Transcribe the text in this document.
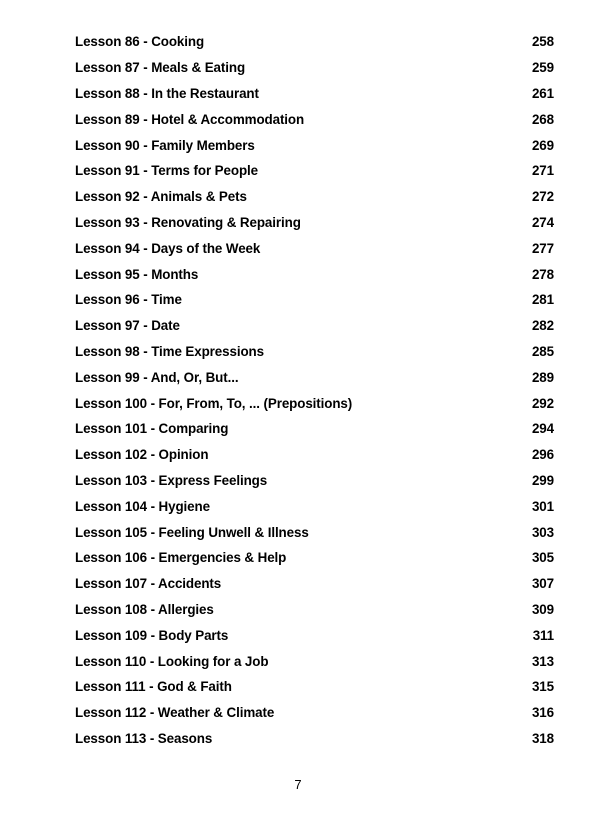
Lesson 86 - Cooking	258
Lesson 87 - Meals & Eating	259
Lesson 88 - In the Restaurant	261
Lesson 89 - Hotel & Accommodation	268
Lesson 90 - Family Members	269
Lesson 91 - Terms for People	271
Lesson 92 - Animals & Pets	272
Lesson 93 - Renovating & Repairing	274
Lesson 94 - Days of the Week	277
Lesson 95 - Months	278
Lesson 96 - Time	281
Lesson 97 - Date	282
Lesson 98 - Time Expressions	285
Lesson 99 - And, Or, But...	289
Lesson 100 - For, From, To, ... (Prepositions)	292
Lesson 101 - Comparing	294
Lesson 102 - Opinion	296
Lesson 103 - Express Feelings	299
Lesson 104 - Hygiene	301
Lesson 105 - Feeling Unwell & Illness	303
Lesson 106 - Emergencies & Help	305
Lesson 107 - Accidents	307
Lesson 108 - Allergies	309
Lesson 109 - Body Parts	311
Lesson 110 - Looking for a Job	313
Lesson 111 - God & Faith	315
Lesson 112 - Weather & Climate	316
Lesson 113 - Seasons	318
7
